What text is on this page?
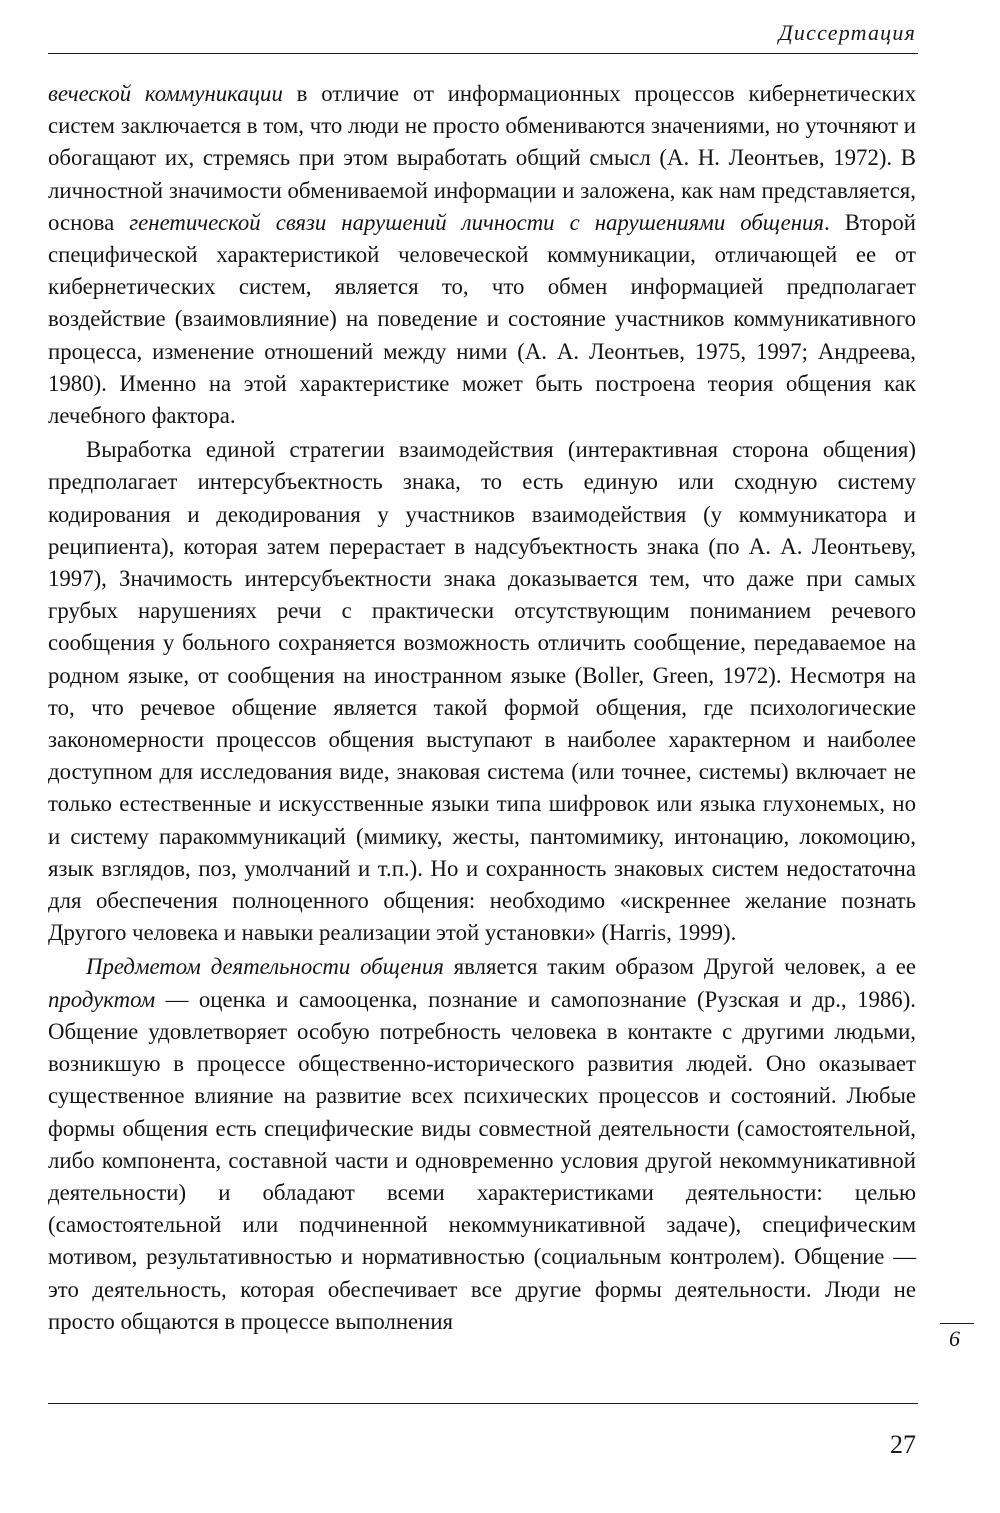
Диссертация

веческой коммуникации в отличие от информационных процессов кибернетических систем заключается в том, что люди не просто обмениваются значениями, но уточняют и обогащают их, стремясь при этом выработать общий смысл (А. Н. Леонтьев, 1972). В личностной значимости обмениваемой информации и заложена, как нам представляется, основа генетической связи нарушений личности с нарушениями общения. Второй специфической характеристикой человеческой коммуникации, отличающей ее от кибернетических систем, является то, что обмен информацией предполагает воздействие (взаимовлияние) на поведение и состояние участников коммуникативного процесса, изменение отношений между ними (А. А. Леонтьев, 1975, 1997; Андреева, 1980). Именно на этой характеристике может быть построена теория общения как лечебного фактора.

Выработка единой стратегии взаимодействия (интерактивная сторона общения) предполагает интерсубъектность знака, то есть единую или сходную систему кодирования и декодирования у участников взаимодействия (у коммуникатора и реципиента), которая затем перерастает в надсубъектность знака (по А. А. Леонтьеву, 1997), Значимость интерсубъектности знака доказывается тем, что даже при самых грубых нарушениях речи с практически отсутствующим пониманием речевого сообщения у больного сохраняется возможность отличить сообщение, передаваемое на родном языке, от сообщения на иностранном языке (Boller, Green, 1972). Несмотря на то, что речевое общение является такой формой общения, где психологические закономерности процессов общения выступают в наиболее характерном и наиболее доступном для исследования виде, знаковая система (или точнее, системы) включает не только естественные и искусственные языки типа шифровок или языка глухонемых, но и систему паракоммуникаций (мимику, жесты, пантомимику, интонацию, локомоцию, язык взглядов, поз, умолчаний и т.п.). Но и сохранность знаковых систем недостаточна для обеспечения полноценного общения: необходимо «искреннее желание познать Другого человека и навыки реализации этой установки» (Harris, 1999).

Предметом деятельности общения является таким образом Другой человек, а ее продуктом — оценка и самооценка, познание и самопознание (Рузская и др., 1986). Общение удовлетворяет особую потребность человека в контакте с другими людьми, возникшую в процессе общественно-исторического развития людей. Оно оказывает существенное влияние на развитие всех психических процессов и состояний. Любые формы общения есть специфические виды совместной деятельности (самостоятельной, либо компонента, составной части и одновременно условия другой некоммуникативной деятельности) и обладают всеми характеристиками деятельности: целью (самостоятельной или подчиненной некоммуникативной задаче), специфическим мотивом, результативностью и нормативностью (социальным контролем). Общение — это деятельность, которая обеспечивает все другие формы деятельности. Люди не просто общаются в процессе выполнения

6
27
